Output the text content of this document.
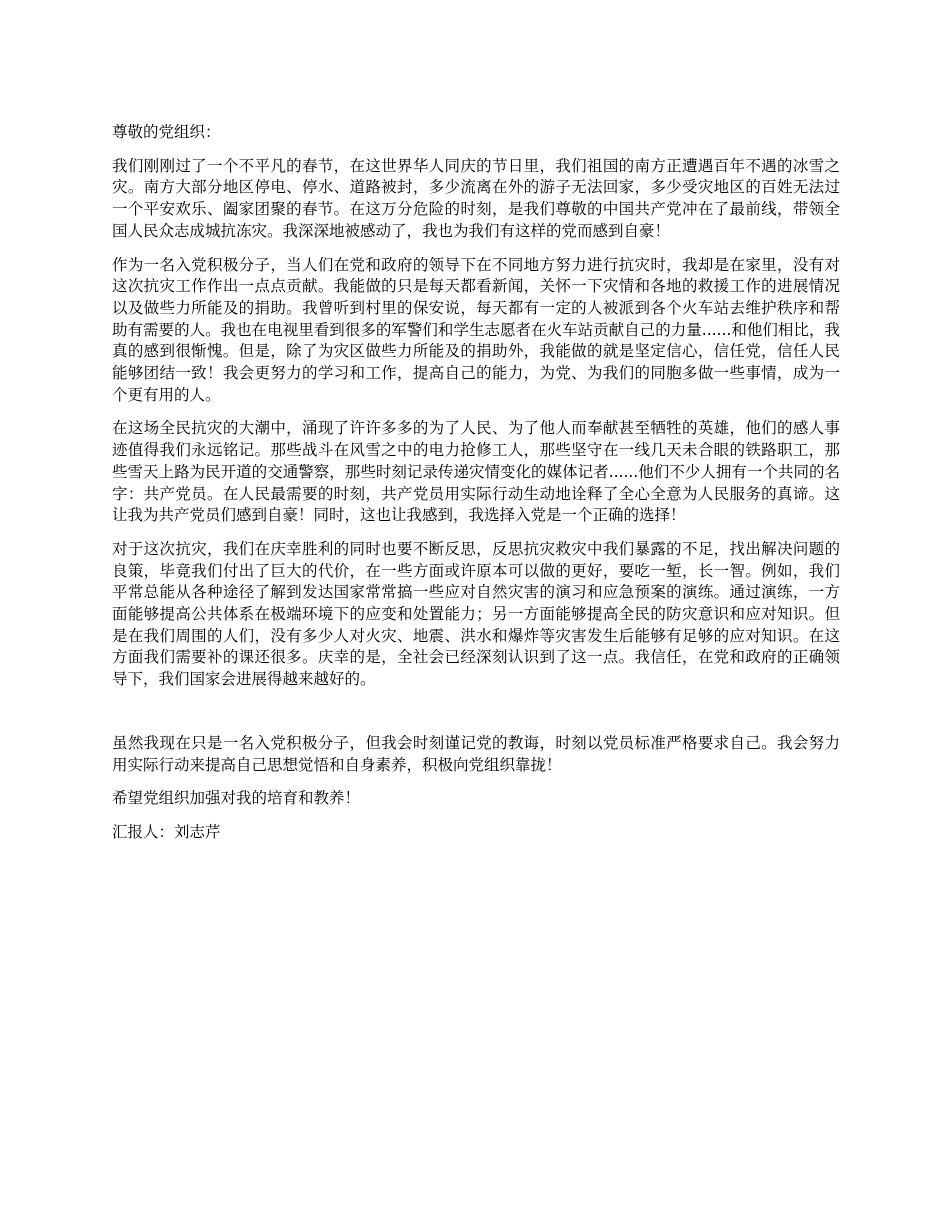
尊敬的党组织：

我们刚刚过了一个不平凡的春节，在这世界华人同庆的节日里，我们祖国的南方正遭遇百年不遇的冰雪之灾。南方大部分地区停电、停水、道路被封，多少流离在外的游子无法回家，多少受灾地区的百姓无法过一个平安欢乐、阖家团聚的春节。在这万分危险的时刻，是我们尊敬的中国共产党冲在了最前线，带领全国人民众志成城抗冻灾。我深深地被感动了，我也为我们有这样的党而感到自豪！

作为一名入党积极分子，当人们在党和政府的领导下在不同地方努力进行抗灾时，我却是在家里，没有对这次抗灾工作作出一点点贡献。我能做的只是每天都看新闻，关怀一下灾情和各地的救援工作的进展情况以及做些力所能及的捐助。我曾听到村里的保安说，每天都有一定的人被派到各个火车站去维护秩序和帮助有需要的人。我也在电视里看到很多的军警们和学生志愿者在火车站贡献自己的力量......和他们相比，我真的感到很惭愧。但是，除了为灾区做些力所能及的捐助外，我能做的就是坚定信心，信任党，信任人民能够团结一致！我会更努力的学习和工作，提高自己的能力，为党、为我们的同胞多做一些事情，成为一个更有用的人。

在这场全民抗灾的大潮中，涌现了许许多多的为了人民、为了他人而奉献甚至牺牲的英雄，他们的感人事迹值得我们永远铭记。那些战斗在风雪之中的电力抢修工人，那些坚守在一线几天未合眼的铁路职工，那些雪天上路为民开道的交通警察，那些时刻记录传递灾情变化的媒体记者......他们不少人拥有一个共同的名字：共产党员。在人民最需要的时刻，共产党员用实际行动生动地诠释了全心全意为人民服务的真谛。这让我为共产党员们感到自豪！同时，这也让我感到，我选择入党是一个正确的选择！

对于这次抗灾，我们在庆幸胜利的同时也要不断反思，反思抗灾救灾中我们暴露的不足，找出解决问题的良策，毕竟我们付出了巨大的代价，在一些方面或许原本可以做的更好，要吃一堑，长一智。例如，我们平常总能从各种途径了解到发达国家常常搞一些应对自然灾害的演习和应急预案的演练。通过演练，一方面能够提高公共体系在极端环境下的应变和处置能力；另一方面能够提高全民的防灾意识和应对知识。但是在我们周围的人们，没有多少人对火灾、地震、洪水和爆炸等灾害发生后能够有足够的应对知识。在这方面我们需要补的课还很多。庆幸的是，全社会已经深刻认识到了这一点。我信任，在党和政府的正确领导下，我们国家会进展得越来越好的。

虽然我现在只是一名入党积极分子，但我会时刻谨记党的教诲，时刻以党员标准严格要求自己。我会努力用实际行动来提高自己思想觉悟和自身素养，积极向党组织靠拢！

希望党组织加强对我的培育和教养！

汇报人：刘志芹
